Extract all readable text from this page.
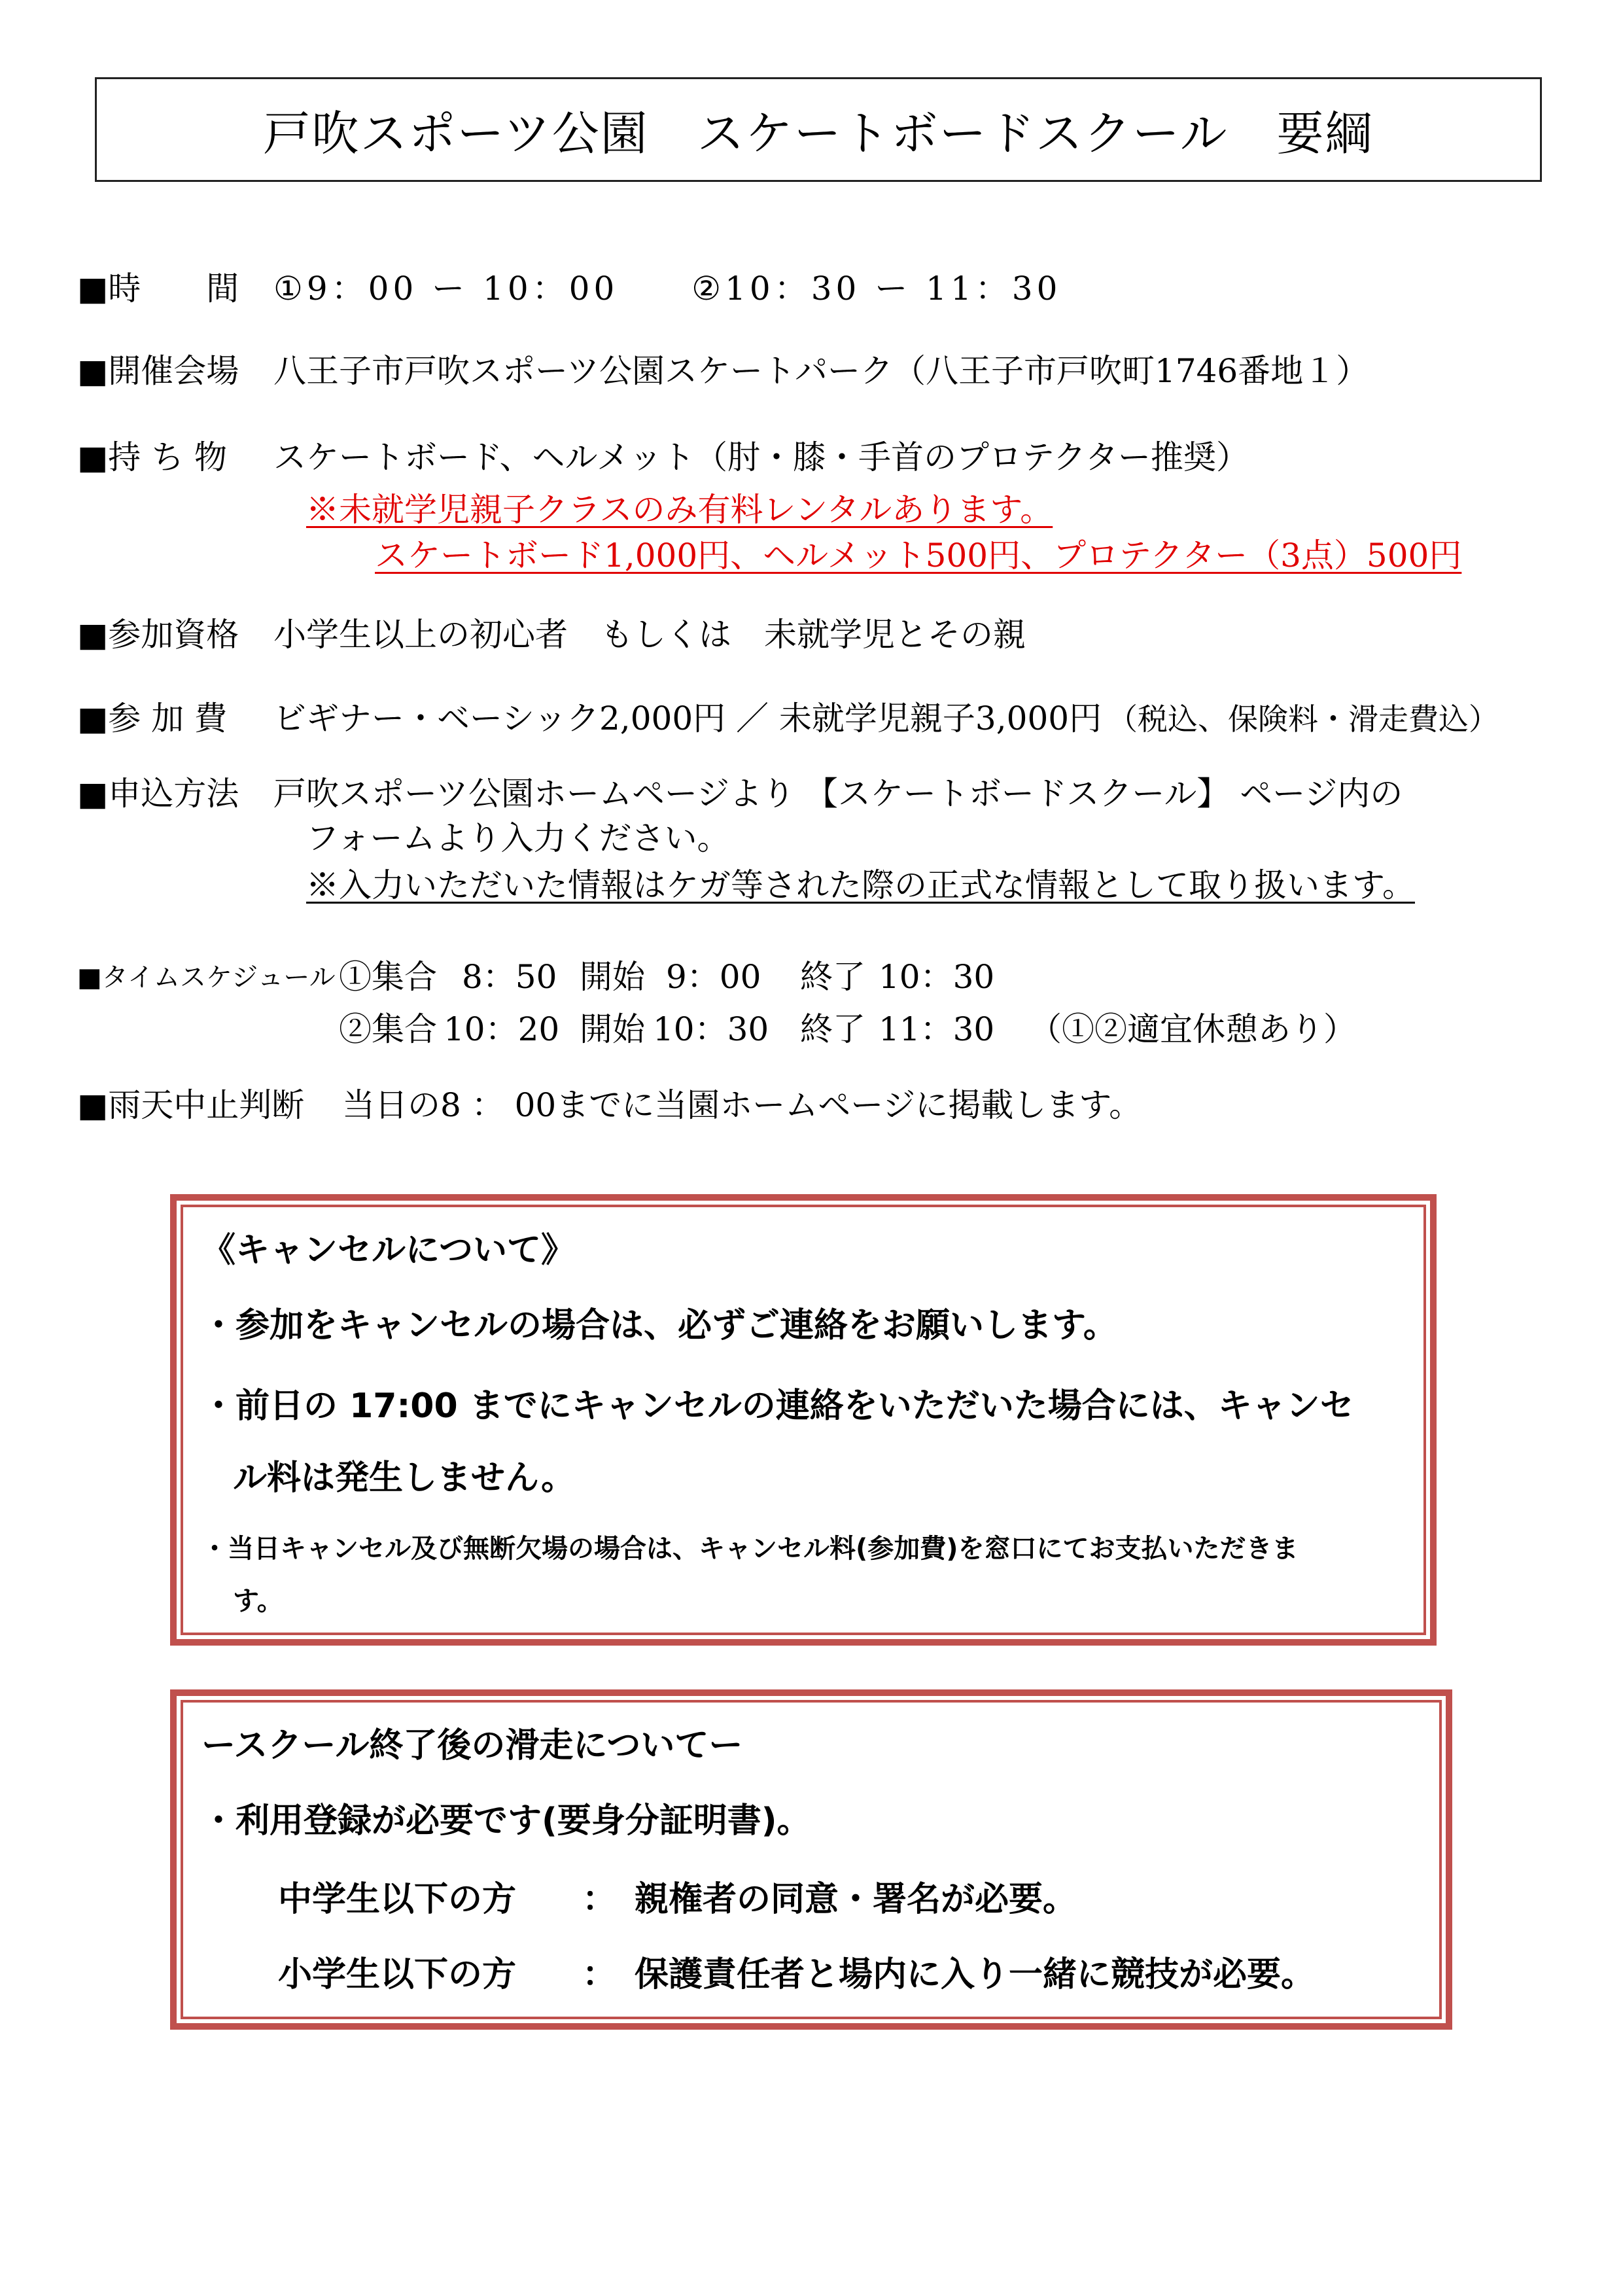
戸吹スポーツ公園　スケートボードスクール　要綱
■時　　間 ①9：00 ー 10：00　　②10：30 ー 11：30
■開催会場 八王子市戸吹スポーツ公園スケートパーク（八王子市戸吹町1746番地１）
■持 ち 物 スケートボード、ヘルメット（肘・膝・手首のプロテクター推奨）
※未就学児親子クラスのみ有料レンタルあります。
スケートボード1,000円、ヘルメット500円、プロテクター（3点）500円
■参加資格 小学生以上の初心者　もしくは　未就学児とその親
■参 加 費 ビギナー・ベーシック2,000円 ／ 未就学児親子3,000円 （税込、保険料・滑走費込）
■申込方法 戸吹スポーツ公園ホームページより 【スケートボードスクール】 ページ内の
フォームより入力ください。
※入力いただいた情報はケガ等された際の正式な情報として取り扱います。
■タイムスケジュール ①集合 8：50 開始 9：00 終了 10：30
②集合 10：20 開始 10：30 終了 11：30 （①②適宜休憩あり）
■雨天中止判断 当日の8 ： 00までに当園ホームページに掲載します。
《キャンセルについて》
・参加をキャンセルの場合は、必ずご連絡をお願いします。
・前日の 17:00 までにキャンセルの連絡をいただいた場合には、キャンセ
ル料は発生しません。
・当日キャンセル及び無断欠場の場合は、キャンセル料(参加費)を窓口にてお支払いただきま
す。
ースクール終了後の滑走についてー
・利用登録が必要です(要身分証明書)。
中学生以下の方 ： 親権者の同意・署名が必要。
小学生以下の方 ： 保護責任者と場内に入り一緒に競技が必要。
